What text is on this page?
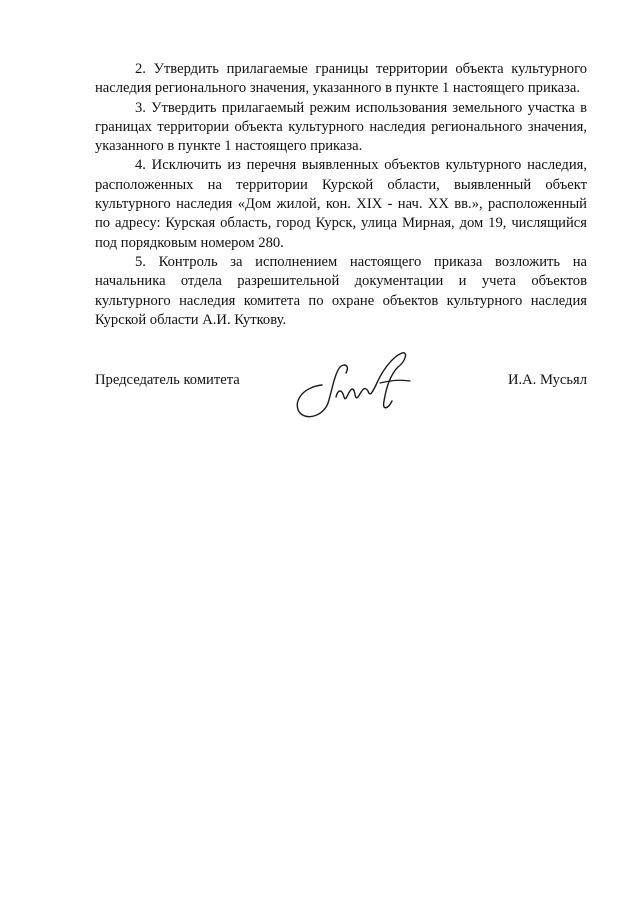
2. Утвердить прилагаемые границы территории объекта культурного наследия регионального значения, указанного в пункте 1 настоящего приказа.

3. Утвердить прилагаемый режим использования земельного участка в границах территории объекта культурного наследия регионального значения, указанного в пункте 1 настоящего приказа.

4. Исключить из перечня выявленных объектов культурного наследия, расположенных на территории Курской области, выявленный объект культурного наследия «Дом жилой, кон. XIX - нач. XX вв.», расположенный по адресу: Курская область, город Курск, улица Мирная, дом 19, числящийся под порядковым номером 280.

5. Контроль за исполнением настоящего приказа возложить на начальника отдела разрешительной документации и учета объектов культурного наследия комитета по охране объектов культурного наследия Курской области А.И. Куткову.

Председатель комитета	И.А. Мусьял
